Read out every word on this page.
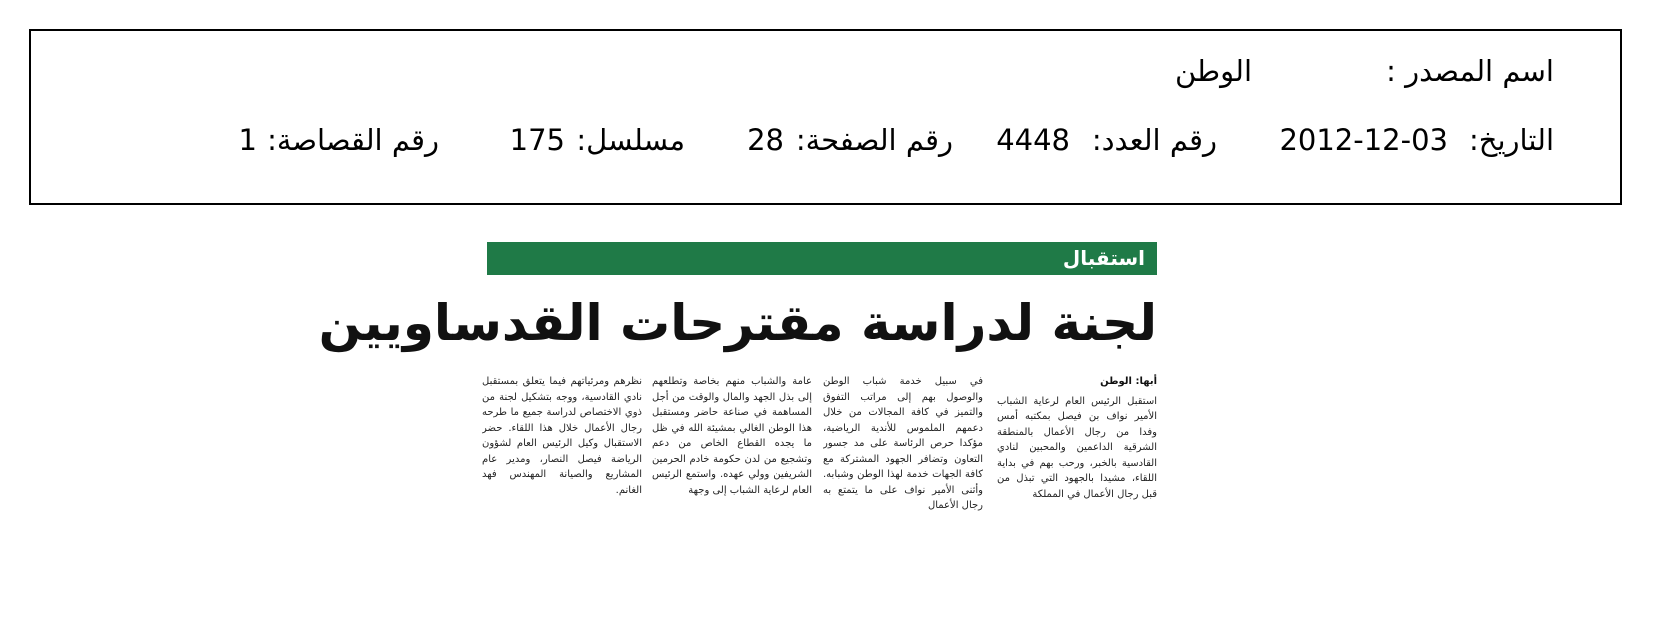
اسم المصدر :
الوطن
التاريخ:
2012-12-03
رقم العدد:
4448
رقم الصفحة:
28
مسلسل:
175
رقم القصاصة:
1
استقبال
لجنة لدراسة مقترحات القدساويين

أبها: الوطن

استقبل الرئيس العام لرعاية الشباب الأمير نواف بن فيصل بمكتبه أمس وفدا من رجال الأعمال بالمنطقة الشرقية الداعمين والمحبين لنادي القادسية بالخبر، ورحب بهم في بداية اللقاء، مشيدا بالجهود التي تبذل من قبل رجال الأعمال في المملكة

في سبيل خدمة شباب الوطن والوصول بهم إلى مراتب التفوق والتميز في كافة المجالات من خلال دعمهم الملموس للأندية الرياضية، مؤكدا حرص الرئاسة على مد جسور التعاون وتضافر الجهود المشتركة مع كافة الجهات خدمة لهذا الوطن وشبابه. وأثنى الأمير نواف على ما يتمتع به رجال الأعمال

عامة والشباب منهم بخاصة وتطلعهم إلى بذل الجهد والمال والوقت من أجل المساهمة في صناعة حاضر ومستقبل هذا الوطن الغالي بمشيئة الله في ظل ما يجده القطاع الخاص من دعم وتشجيع من لدن حكومة خادم الحرمين الشريفين وولي عهده. واستمع الرئيس العام لرعاية الشباب إلى وجهة

نظرهم ومرئياتهم فيما يتعلق بمستقبل نادي القادسية، ووجه بتشكيل لجنة من ذوي الاختصاص لدراسة جميع ما طرحه رجال الأعمال خلال هذا اللقاء. حضر الاستقبال وكيل الرئيس العام لشؤون الرياضة فيصل النصار، ومدير عام المشاريع والصيانة المهندس فهد الغانم.
